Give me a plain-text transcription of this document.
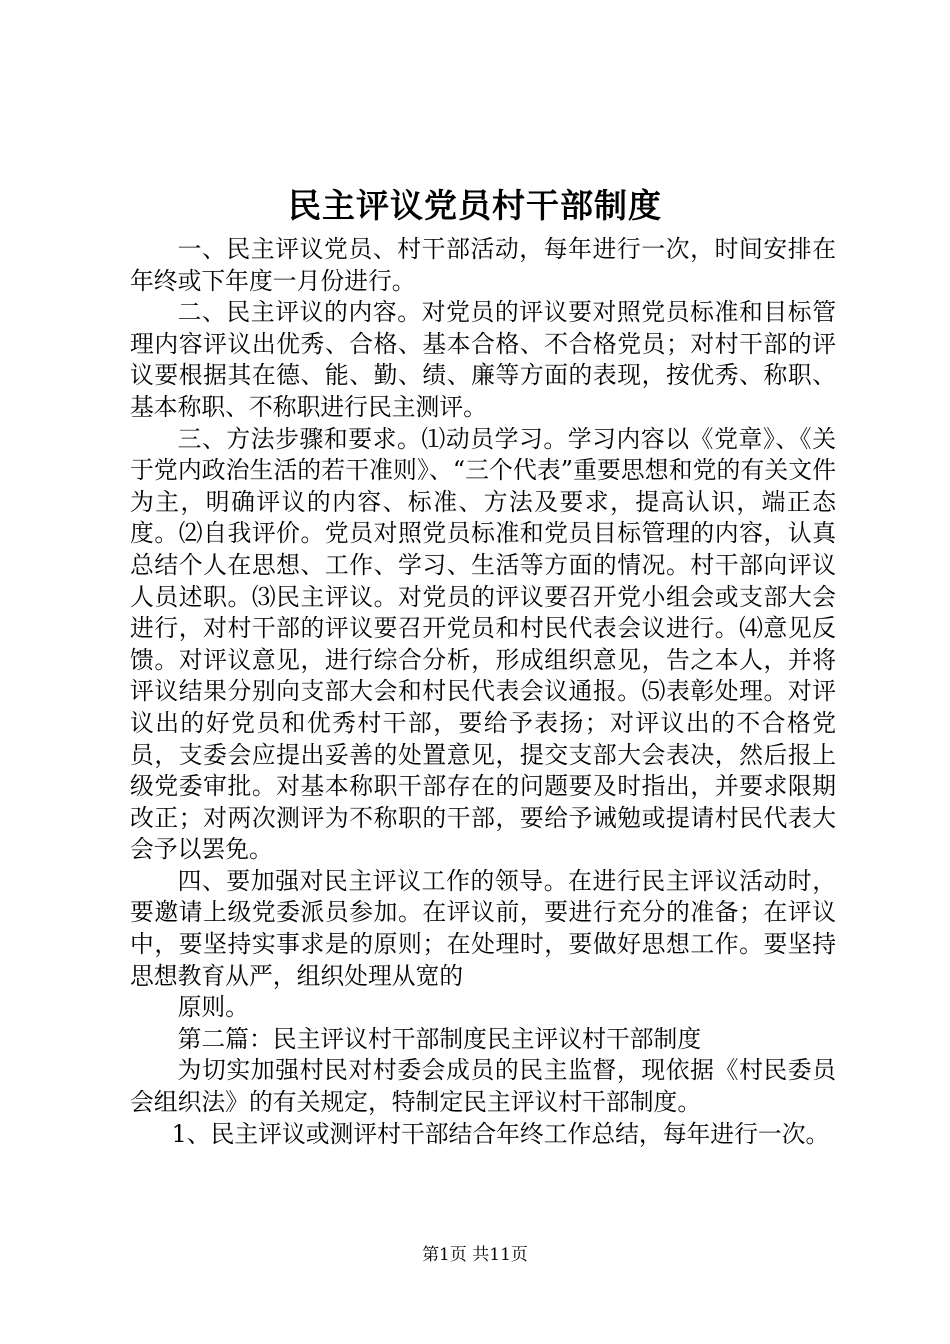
民主评议党员村干部制度

一、民主评议党员、村干部活动，每年进行一次，时间安排在年终或下年度一月份进行。

二、民主评议的内容。对党员的评议要对照党员标准和目标管理内容评议出优秀、合格、基本合格、不合格党员；对村干部的评议要根据其在德、能、勤、绩、廉等方面的表现，按优秀、称职、基本称职、不称职进行民主测评。

三、方法步骤和要求。⑴动员学习。学习内容以《党章》、《关于党内政治生活的若干准则》、“三个代表”重要思想和党的有关文件为主，明确评议的内容、标准、方法及要求，提高认识，端正态度。⑵自我评价。党员对照党员标准和党员目标管理的内容，认真总结个人在思想、工作、学习、生活等方面的情况。村干部向评议人员述职。⑶民主评议。对党员的评议要召开党小组会或支部大会进行，对村干部的评议要召开党员和村民代表会议进行。⑷意见反馈。对评议意见，进行综合分析，形成组织意见，告之本人，并将评议结果分别向支部大会和村民代表会议通报。⑸表彰处理。对评议出的好党员和优秀村干部，要给予表扬；对评议出的不合格党员，支委会应提出妥善的处置意见，提交支部大会表决，然后报上级党委审批。对基本称职干部存在的问题要及时指出，并要求限期改正；对两次测评为不称职的干部，要给予诫勉或提请村民代表大会予以罢免。

四、要加强对民主评议工作的领导。在进行民主评议活动时，要邀请上级党委派员参加。在评议前，要进行充分的准备；在评议中，要坚持实事求是的原则；在处理时，要做好思想工作。要坚持思想教育从严，组织处理从宽的

原则。

第二篇：民主评议村干部制度民主评议村干部制度

为切实加强村民对村委会成员的民主监督，现依据《村民委员会组织法》的有关规定，特制定民主评议村干部制度。

1、民主评议或测评村干部结合年终工作总结，每年进行一次。

第1页 共11页
